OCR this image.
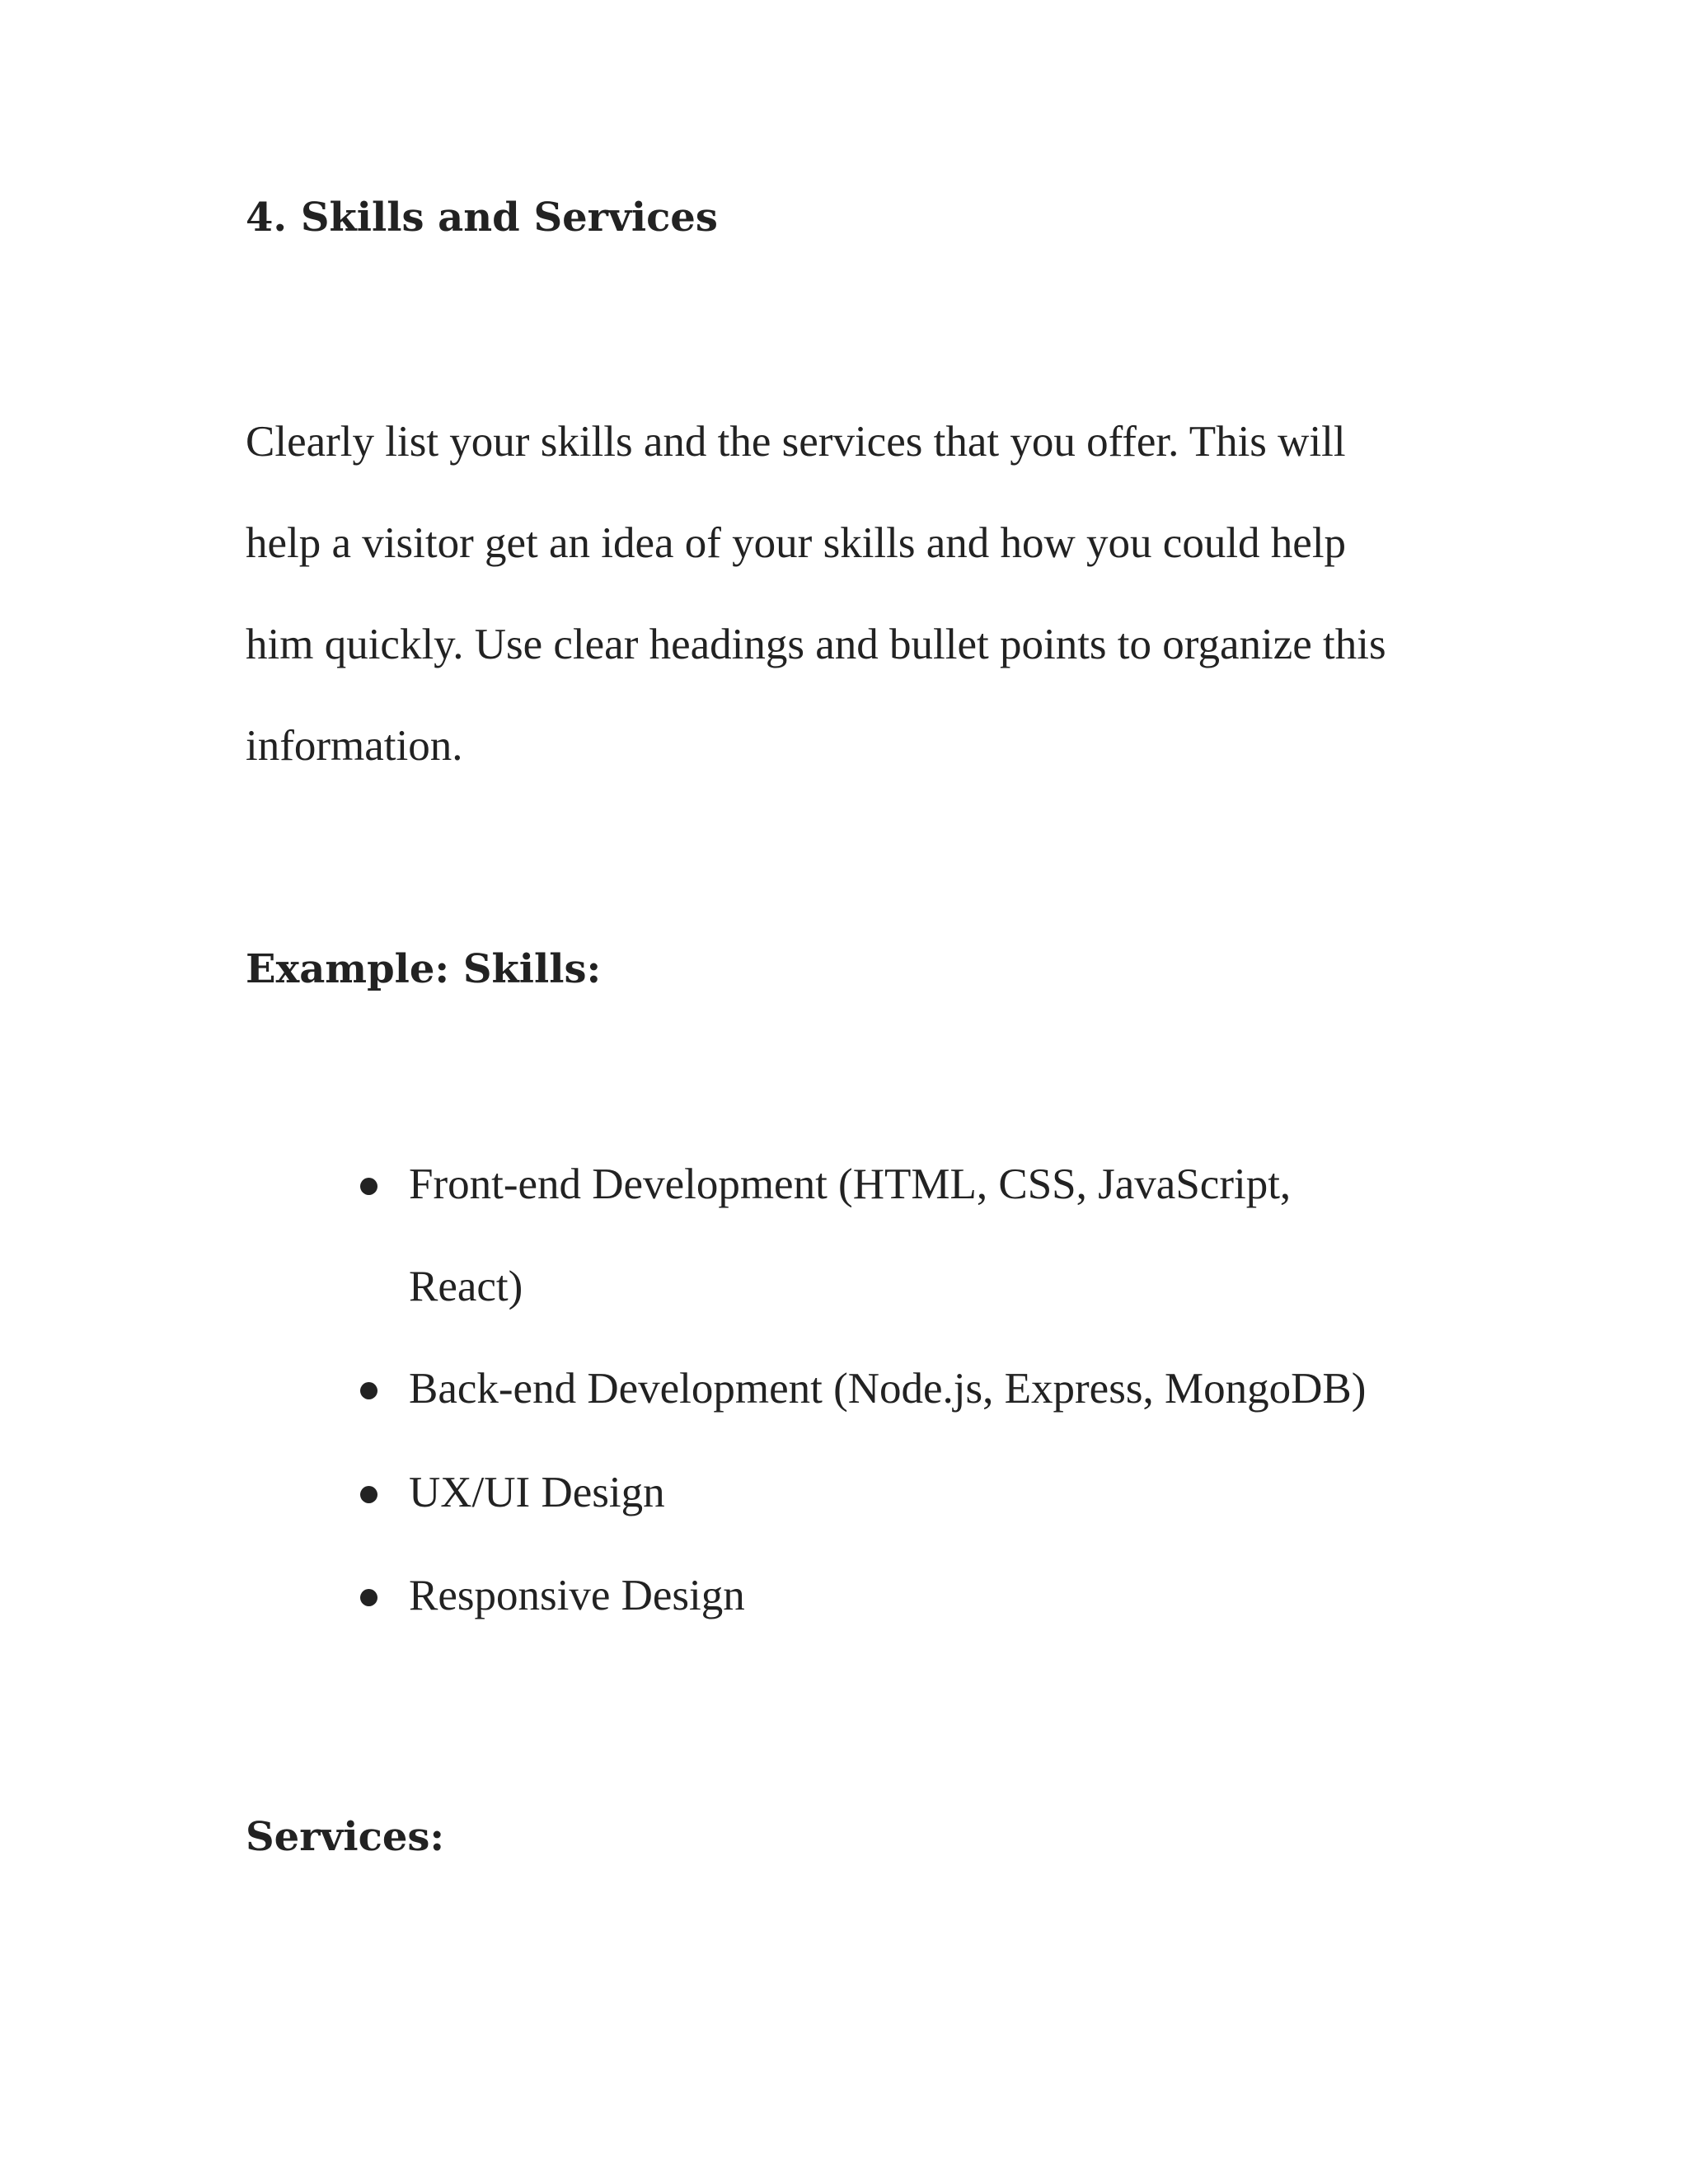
4. Skills and Services

Clearly list your skills and the services that you offer. This will
help a visitor get an idea of your skills and how you could help
him quickly. Use clear headings and bullet points to organize this
information.

Example: Skills:
Front-end Development (HTML, CSS, JavaScript,
React)
Back-end Development (Node.js, Express, MongoDB)
UX/UI Design
Responsive Design
Services:
